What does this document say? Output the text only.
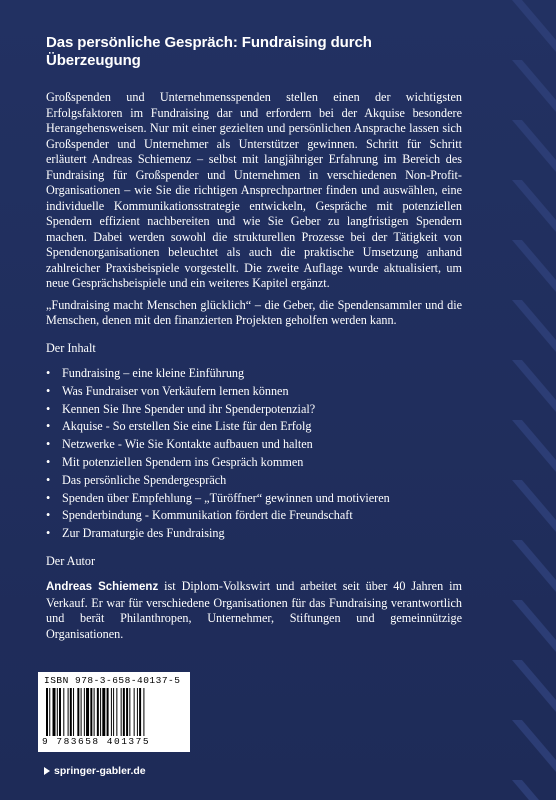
Das persönliche Gespräch: Fundraising durch Überzeugung

Großspenden und Unternehmensspenden stellen einen der wichtigsten Erfolgsfaktoren im Fundraising dar und erfordern bei der Akquise besondere Herangehensweisen. Nur mit einer gezielten und persönlichen Ansprache lassen sich Großspender und Unternehmer als Unterstützer gewinnen. Schritt für Schritt erläutert Andreas Schiemenz – selbst mit langjähriger Erfahrung im Bereich des Fundraising für Großspender und Unternehmen in verschiedenen Non-Profit-Organisationen – wie Sie die richtigen Ansprechpartner finden und auswählen, eine individuelle Kommunikationsstrategie entwickeln, Gespräche mit potenziellen Spendern effizient nachbereiten und wie Sie Geber zu langfristigen Spendern machen. Dabei werden sowohl die strukturellen Prozesse bei der Tätigkeit von Spendenorganisationen beleuchtet als auch die praktische Umsetzung anhand zahlreicher Praxisbeispiele vorgestellt. Die zweite Auflage wurde aktualisiert, um neue Gesprächsbeispiele und ein weiteres Kapitel ergänzt.

„Fundraising macht Menschen glücklich“ – die Geber, die Spendensammler und die Menschen, denen mit den finanzierten Projekten geholfen werden kann.

Der Inhalt
• Fundraising – eine kleine Einführung
• Was Fundraiser von Verkäufern lernen können
• Kennen Sie Ihre Spender und ihr Spenderpotenzial?
• Akquise - So erstellen Sie eine Liste für den Erfolg
• Netzwerke - Wie Sie Kontakte aufbauen und halten
• Mit potenziellen Spendern ins Gespräch kommen
• Das persönliche Spendergespräch
• Spenden über Empfehlung – „Türöffner“ gewinnen und motivieren
• Spenderbindung - Kommunikation fördert die Freundschaft
• Zur Dramaturgie des Fundraising
Der Autor

Andreas Schiemenz ist Diplom-Volkswirt und arbeitet seit über 40 Jahren im Verkauf. Er war für verschiedene Organisationen für das Fundraising verantwortlich und berät Philanthropen, Unternehmer, Stiftungen und gemeinnützige Organisationen.

ISBN 978-3-658-40137-5
9 783658 401375
springer-gabler.de
